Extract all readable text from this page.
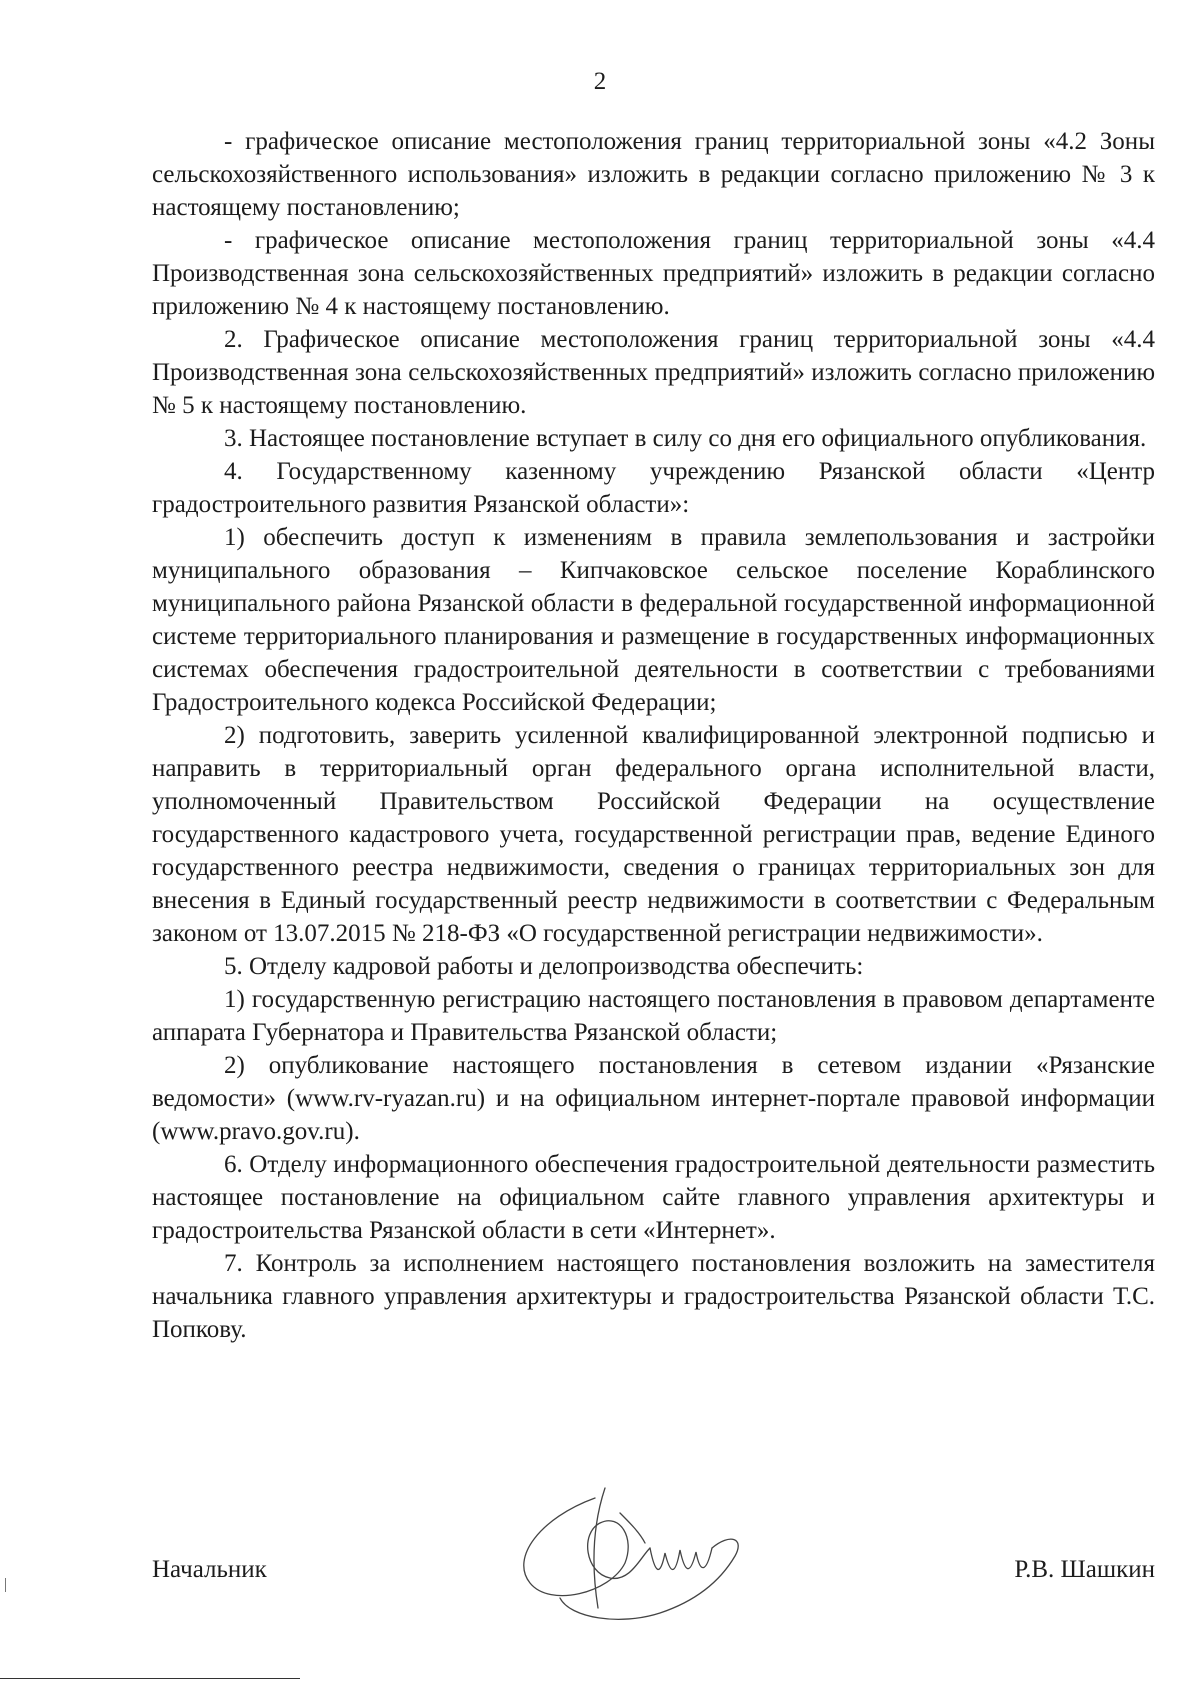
2

- графическое описание местоположения границ территориальной зоны «4.2 Зоны сельскохозяйственного использования» изложить в редакции согласно приложению № 3 к настоящему постановлению;

- графическое описание местоположения границ территориальной зоны «4.4 Производственная зона сельскохозяйственных предприятий» изложить в редакции согласно приложению № 4 к настоящему постановлению.

2. Графическое описание местоположения границ территориальной зоны «4.4 Производственная зона сельскохозяйственных предприятий» изложить согласно приложению № 5 к настоящему постановлению.

3. Настоящее постановление вступает в силу со дня его официального опубликования.

4. Государственному казенному учреждению Рязанской области «Центр градостроительного развития Рязанской области»:

1) обеспечить доступ к изменениям в правила землепользования и застройки муниципального образования – Кипчаковское сельское поселение Кораблинского муниципального района Рязанской области в федеральной государственной информационной системе территориального планирования и размещение в государственных информационных системах обеспечения градостроительной деятельности в соответствии с требованиями Градостроительного кодекса Российской Федерации;

2) подготовить, заверить усиленной квалифицированной электронной подписью и направить в территориальный орган федерального органа исполнительной власти, уполномоченный Правительством Российской Федерации на осуществление государственного кадастрового учета, государственной регистрации прав, ведение Единого государственного реестра недвижимости, сведения о границах территориальных зон для внесения в Единый государственный реестр недвижимости в соответствии с Федеральным законом от 13.07.2015 № 218-ФЗ «О государственной регистрации недвижимости».

5. Отделу кадровой работы и делопроизводства обеспечить:

1) государственную регистрацию настоящего постановления в правовом департаменте аппарата Губернатора и Правительства Рязанской области;

2) опубликование настоящего постановления в сетевом издании «Рязанские ведомости» (www.rv-ryazan.ru) и на официальном интернет-портале правовой информации (www.pravo.gov.ru).

6. Отделу информационного обеспечения градостроительной деятельности разместить настоящее постановление на официальном сайте главного управления архитектуры и градостроительства Рязанской области в сети «Интернет».

7. Контроль за исполнением настоящего постановления возложить на заместителя начальника главного управления архитектуры и градостроительства Рязанской области Т.С. Попкову.

Начальник	Р.В. Шашкин
